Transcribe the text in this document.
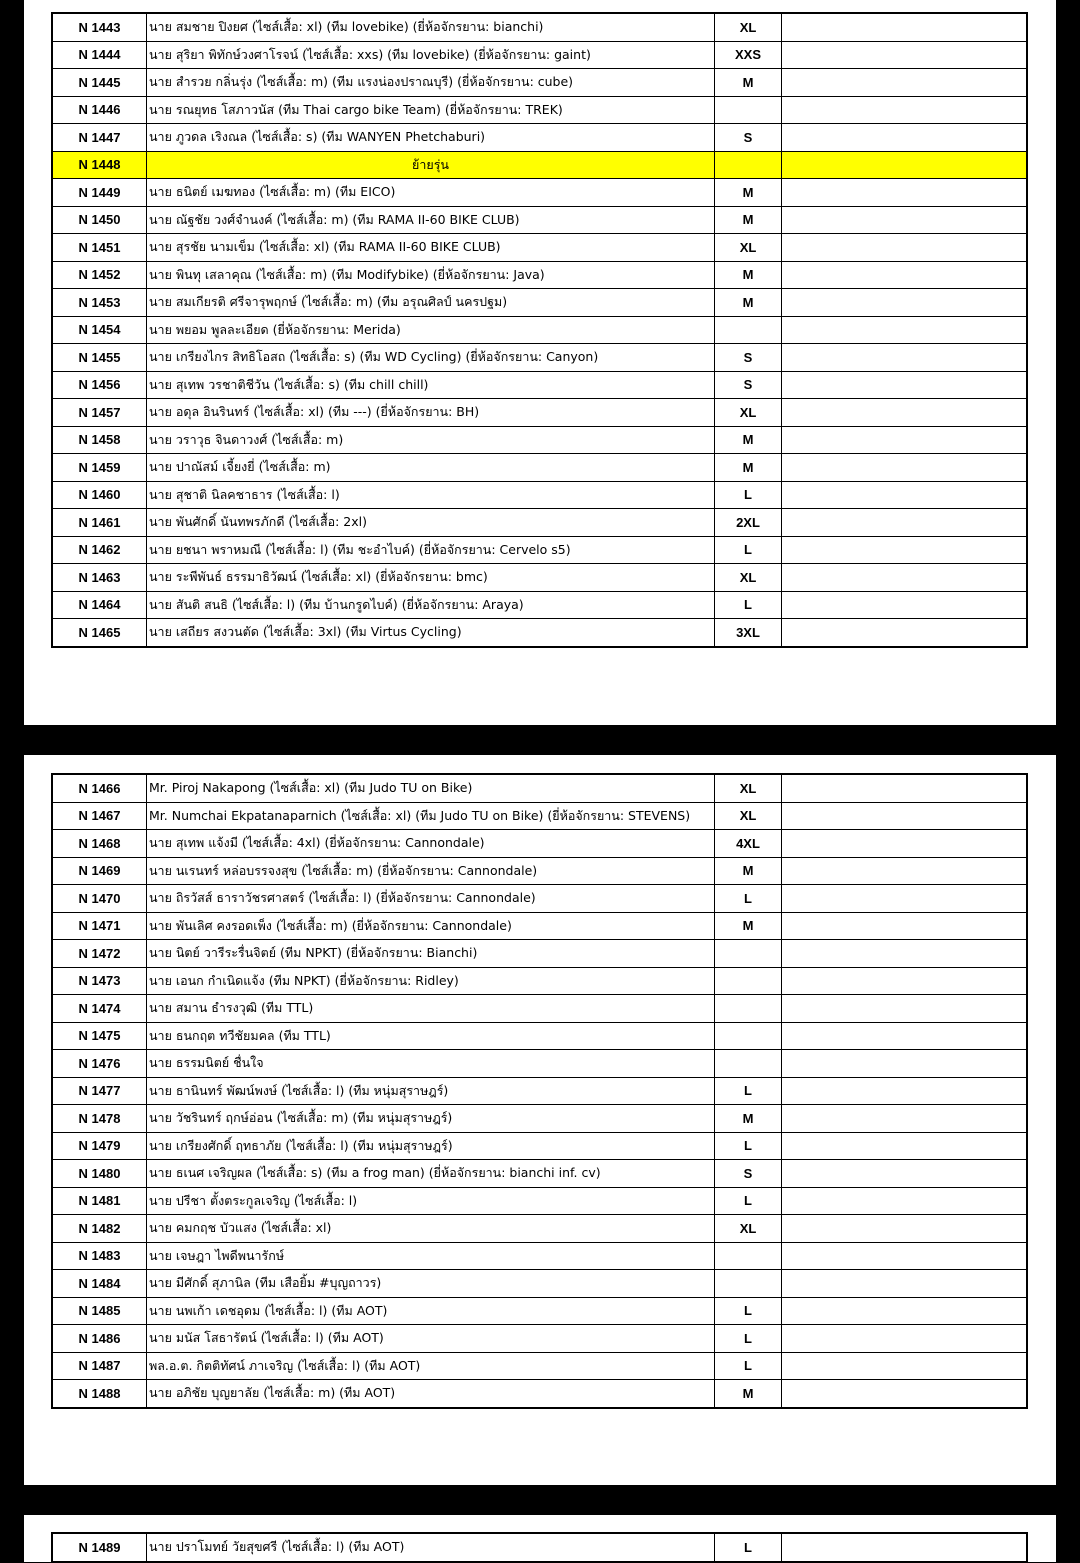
N 1443	นาย สมชาย ปิงยศ (ไซส์เสื้อ: xl) (ทีม lovebike) (ยี่ห้อจักรยาน: bianchi)	XL	
N 1444	นาย สุริยา พิทักษ์วงศาโรจน์ (ไซส์เสื้อ: xxs) (ทีม lovebike) (ยี่ห้อจักรยาน: gaint)	XXS	
N 1445	นาย สำรวย กลิ่นรุ่ง (ไซส์เสื้อ: m) (ทีม แรงน่องปราณบุรี) (ยี่ห้อจักรยาน: cube)	M	
N 1446	นาย รณยุทธ โสภาวนัส (ทีม Thai cargo bike Team) (ยี่ห้อจักรยาน: TREK)		
N 1447	นาย ภูวดล เริงณล (ไซส์เสื้อ: s) (ทีม WANYEN Phetchaburi)	S	
N 1448	ย้ายรุ่น		
N 1449	นาย ธนิตย์ เมฆทอง (ไซส์เสื้อ: m) (ทีม EICO)	M	
N 1450	นาย ณัฐชัย วงศ์จำนงค์ (ไซส์เสื้อ: m) (ทีม RAMA II-60 BIKE CLUB)	M	
N 1451	นาย สุรชัย นามเข็ม (ไซส์เสื้อ: xl) (ทีม RAMA II-60 BIKE CLUB)	XL	
N 1452	นาย พินทุ เสลาคุณ (ไซส์เสื้อ: m) (ทีม Modifybike) (ยี่ห้อจักรยาน: Java)	M	
N 1453	นาย สมเกียรติ ศรีจารุพฤกษ์ (ไซส์เสื้อ: m) (ทีม อรุณศิลป์ นครปฐม)	M	
N 1454	นาย พยอม พูลละเอียด (ยี่ห้อจักรยาน: Merida)		
N 1455	นาย เกรียงไกร สิทธิโอสถ (ไซส์เสื้อ: s) (ทีม WD Cycling) (ยี่ห้อจักรยาน: Canyon)	S	
N 1456	นาย สุเทพ วรชาติชีวัน (ไซส์เสื้อ: s) (ทีม chill chill)	S	
N 1457	นาย อดุล อินรินทร์ (ไซส์เสื้อ: xl) (ทีม ---) (ยี่ห้อจักรยาน: BH)	XL	
N 1458	นาย วราวุธ จินดาวงศ์ (ไซส์เสื้อ: m)	M	
N 1459	นาย ปาณัสม์ เจี้ยงยี่ (ไซส์เสื้อ: m)	M	
N 1460	นาย สุชาติ นิลคชาธาร (ไซส์เสื้อ: l)	L	
N 1461	นาย พันศักดิ์ นันทพรภักดี (ไซส์เสื้อ: 2xl)	2XL	
N 1462	นาย ยชนา พราหมณี (ไซส์เสื้อ: l) (ทีม ชะอำไบค์) (ยี่ห้อจักรยาน: Cervelo s5)	L	
N 1463	นาย ระพีพันธ์ ธรรมาธิวัฒน์ (ไซส์เสื้อ: xl) (ยี่ห้อจักรยาน: bmc)	XL	
N 1464	นาย สันติ สนธิ (ไซส์เสื้อ: l) (ทีม บ้านกรูดไบค์) (ยี่ห้อจักรยาน: Araya)	L	
N 1465	นาย เสถียร สงวนตัด (ไซส์เสื้อ: 3xl) (ทีม Virtus Cycling)	3XL	
N 1466	Mr. Piroj Nakapong (ไซส์เสื้อ: xl) (ทีม Judo TU on Bike)	XL	
N 1467	Mr. Numchai Ekpatanaparnich (ไซส์เสื้อ: xl) (ทีม Judo TU on Bike) (ยี่ห้อจักรยาน: STEVENS)	XL	
N 1468	นาย สุเทพ แจ้งมี (ไซส์เสื้อ: 4xl) (ยี่ห้อจักรยาน: Cannondale)	4XL	
N 1469	นาย นเรนทร์ หล่อบรรจงสุข (ไซส์เสื้อ: m) (ยี่ห้อจักรยาน: Cannondale)	M	
N 1470	นาย ถิรวัสส์ ธาราวัชรศาสตร์ (ไซส์เสื้อ: l) (ยี่ห้อจักรยาน: Cannondale)	L	
N 1471	นาย พันเลิศ คงรอดเพ็ง (ไซส์เสื้อ: m) (ยี่ห้อจักรยาน: Cannondale)	M	
N 1472	นาย นิตย์ วารีระรื่นจิตย์ (ทีม NPKT) (ยี่ห้อจักรยาน: Bianchi)		
N 1473	นาย เอนก กำเนิดแจ้ง (ทีม NPKT) (ยี่ห้อจักรยาน: Ridley)		
N 1474	นาย สมาน ธำรงวุฒิ (ทีม TTL)		
N 1475	นาย ธนกฤต ทวีชัยมคล (ทีม TTL)		
N 1476	นาย ธรรมนิตย์ ชื่นใจ		
N 1477	นาย ธานินทร์ พัฒน์พงษ์ (ไซส์เสื้อ: l) (ทีม หนุ่มสุราษฎร์)	L	
N 1478	นาย วัชรินทร์ ฤกษ์อ่อน (ไซส์เสื้อ: m) (ทีม หนุ่มสุราษฎร์)	M	
N 1479	นาย เกรียงศักดิ์ ฤทธาภัย (ไซส์เสื้อ: l) (ทีม หนุ่มสุราษฎร์)	L	
N 1480	นาย ธเนศ เจริญผล (ไซส์เสื้อ: s) (ทีม a frog man) (ยี่ห้อจักรยาน: bianchi inf. cv)	S	
N 1481	นาย ปรีชา ตั้งตระกูลเจริญ (ไซส์เสื้อ: l)	L	
N 1482	นาย คมกฤช บัวแสง (ไซส์เสื้อ: xl)	XL	
N 1483	นาย เจษฎา ไพดีพนารักษ์		
N 1484	นาย มีศักดิ์ สุภานิล (ทีม เสือยิ้ม #บุญถาวร)		
N 1485	นาย นพเก้า เดชอุดม (ไซส์เสื้อ: l) (ทีม AOT)	L	
N 1486	นาย มนัส โสธารัตน์ (ไซส์เสื้อ: l) (ทีม AOT)	L	
N 1487	พล.อ.ต. กิตติทัศน์ ภาเจริญ (ไซส์เสื้อ: l) (ทีม AOT)	L	
N 1488	นาย อภิชัย บุญยาลัย (ไซส์เสื้อ: m) (ทีม AOT)	M	
N 1489	นาย ปราโมทย์ วัยสุขศรี (ไซส์เสื้อ: l) (ทีม AOT)	L	
